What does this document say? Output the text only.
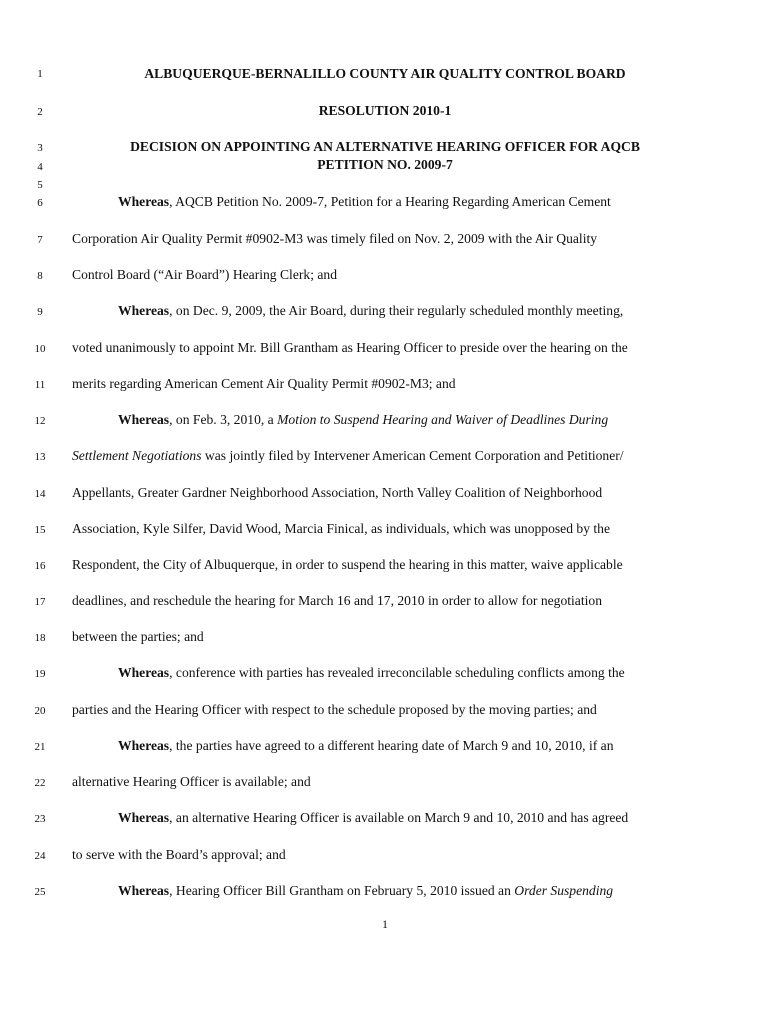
1
2
3
4
5
6
7
8
9
10
11
12
13
14
15
16
17
18
19
20
21
22
23
24
25
ALBUQUERQUE-BERNALILLO COUNTY AIR QUALITY CONTROL BOARD
RESOLUTION 2010-1
DECISION ON APPOINTING AN ALTERNATIVE HEARING OFFICER FOR AQCB
PETITION NO. 2009-7
Whereas, AQCB Petition No. 2009-7, Petition for a Hearing Regarding American Cement
Corporation Air Quality Permit #0902-M3 was timely filed on Nov. 2, 2009 with the Air Quality
Control Board (“Air Board”) Hearing Clerk; and
Whereas, on Dec. 9, 2009, the Air Board, during their regularly scheduled monthly meeting,
voted unanimously to appoint Mr. Bill Grantham as Hearing Officer to preside over the hearing on the
merits regarding American Cement Air Quality Permit #0902-M3; and
Whereas, on Feb. 3, 2010, a Motion to Suspend Hearing and Waiver of Deadlines During
Settlement Negotiations was jointly filed by Intervener American Cement Corporation and Petitioner/
Appellants, Greater Gardner Neighborhood Association, North Valley Coalition of Neighborhood
Association, Kyle Silfer, David Wood, Marcia Finical, as individuals, which was unopposed by the
Respondent, the City of Albuquerque, in order to suspend the hearing in this matter, waive applicable
deadlines, and reschedule the hearing for March 16 and 17, 2010 in order to allow for negotiation
between the parties; and
Whereas, conference with parties has revealed irreconcilable scheduling conflicts among the
parties and the Hearing Officer with respect to the schedule proposed by the moving parties; and
Whereas, the parties have agreed to a different hearing date of March 9 and 10, 2010, if an
alternative Hearing Officer is available; and
Whereas, an alternative Hearing Officer is available on March 9 and 10, 2010 and has agreed
to serve with the Board’s approval; and
Whereas, Hearing Officer Bill Grantham on February 5, 2010 issued an Order Suspending
1
